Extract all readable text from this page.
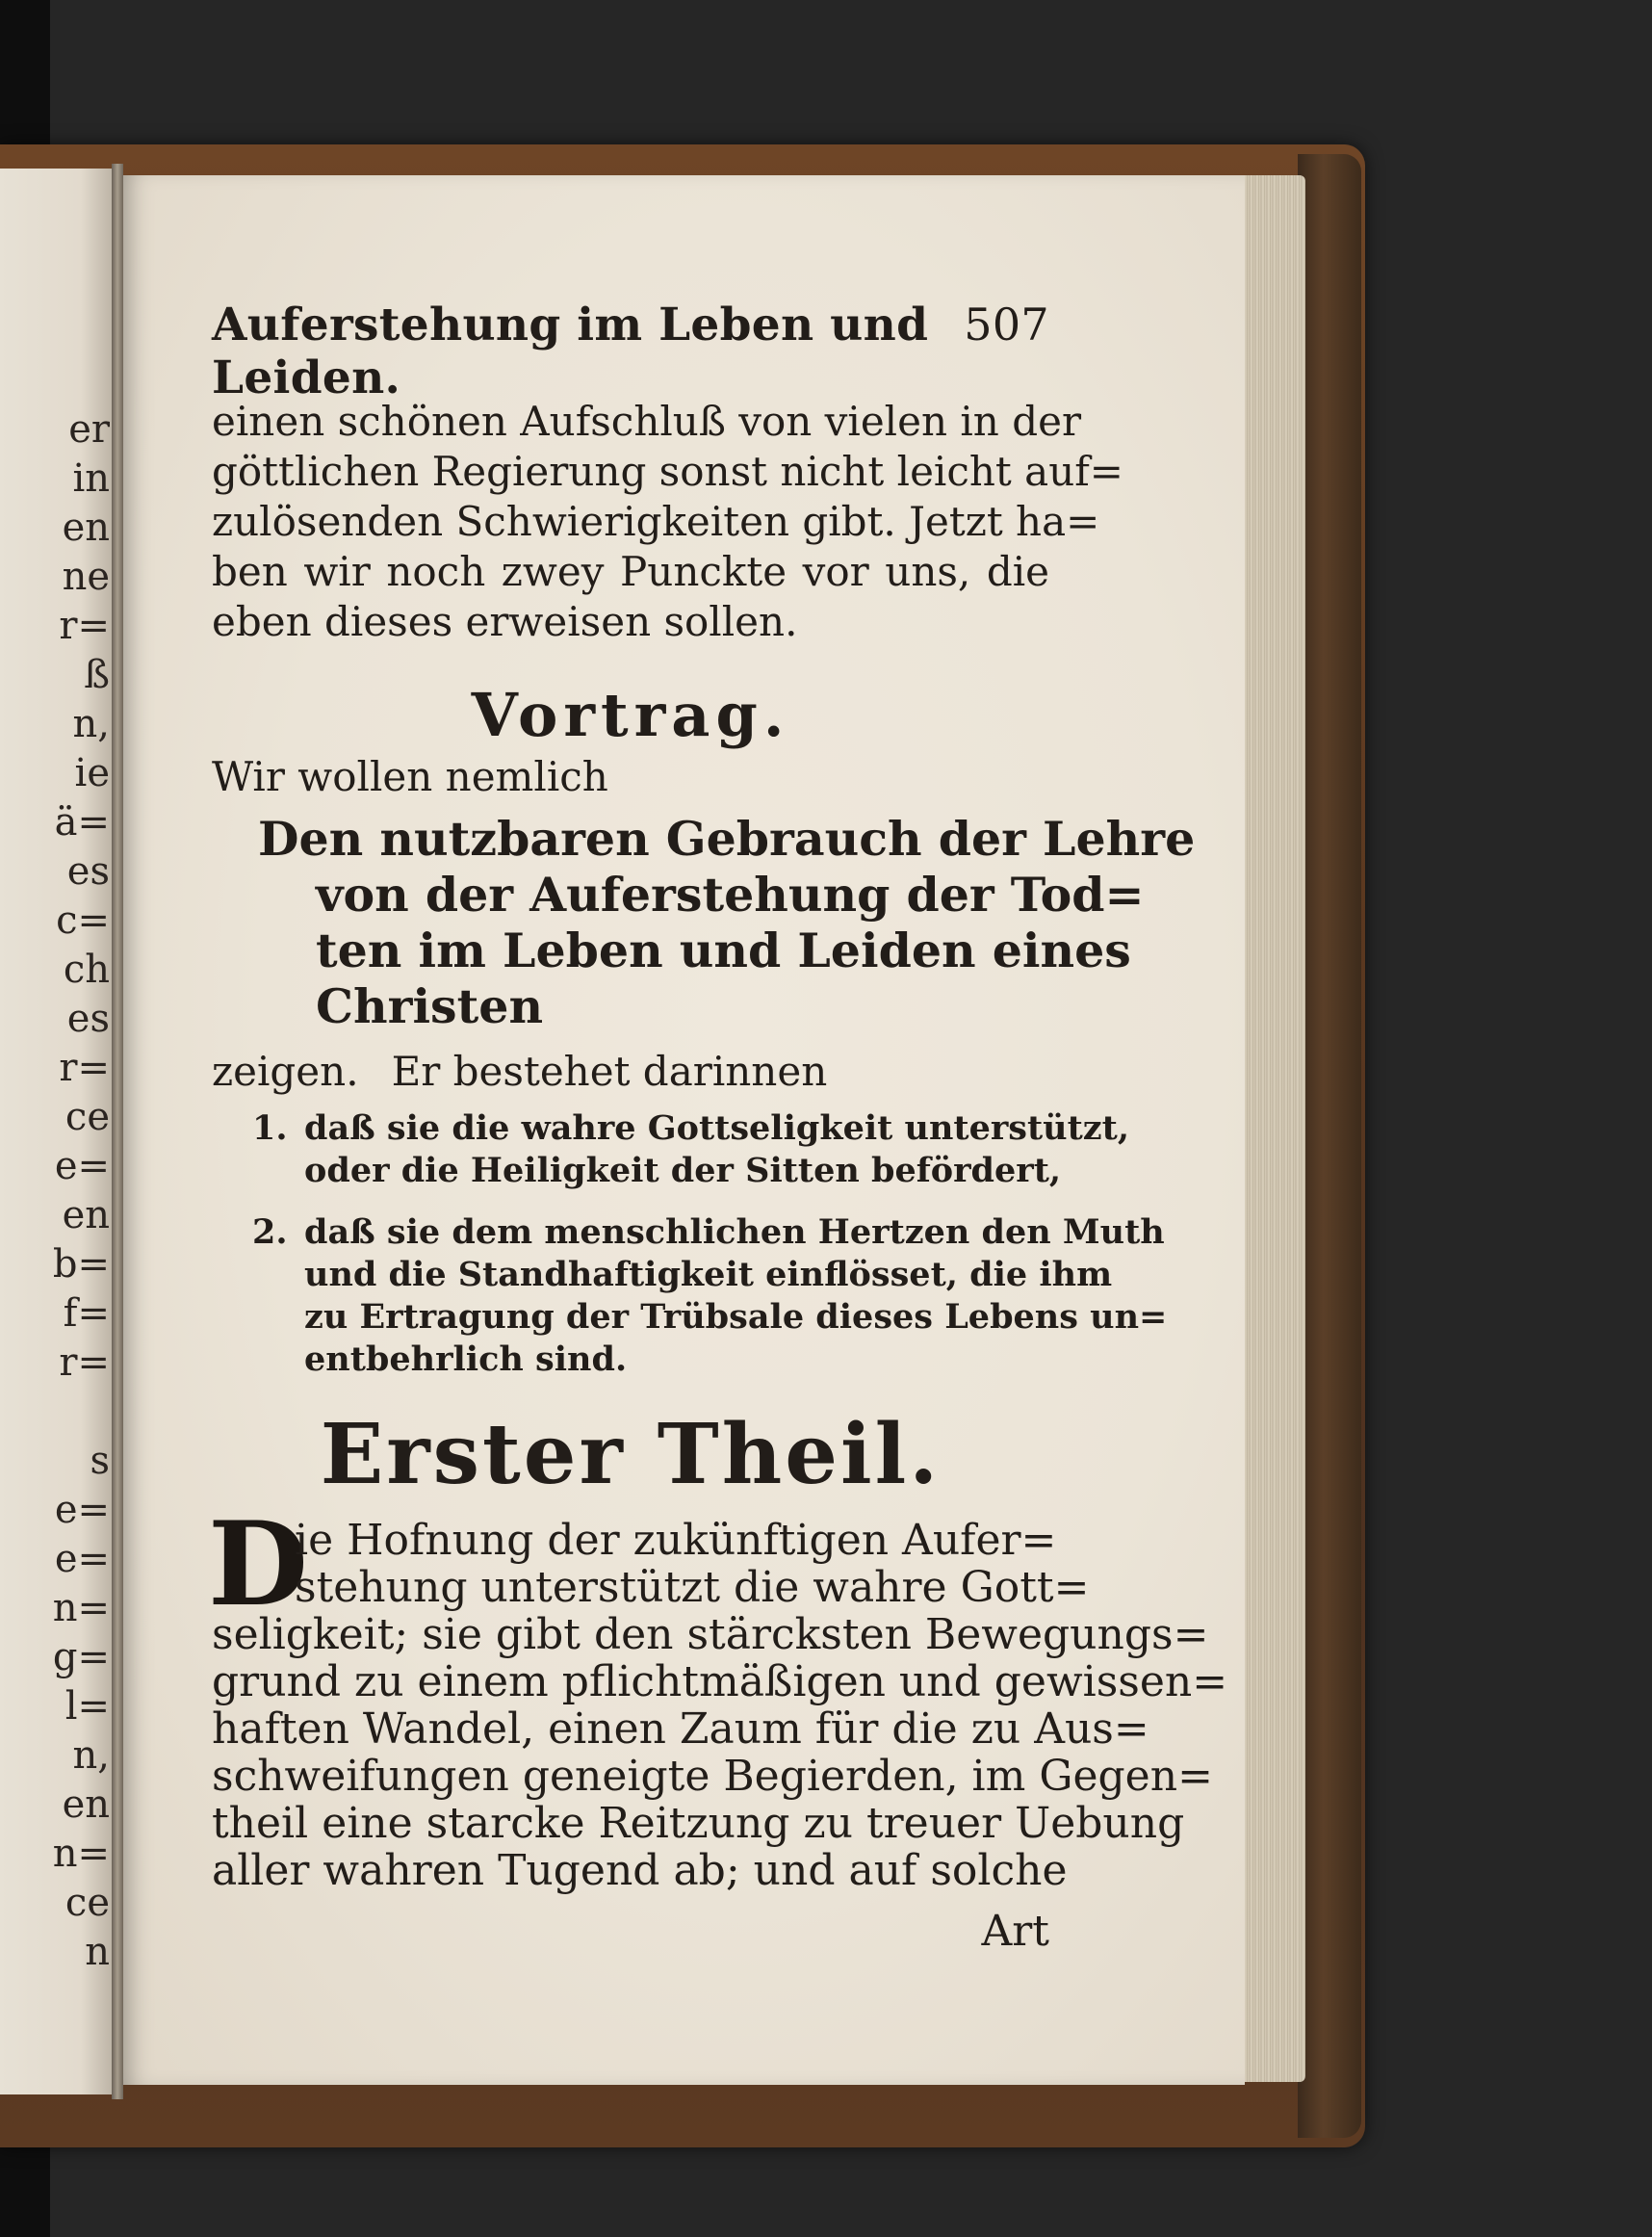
er
in
en
ne
r=
ß
n,
ie
ä=
es
c=
ch
es
r=
ce
e=
en
b=
f=
r=

s
e=
e=
n=
g=
l=
n,
en
n=
ce
n
Auferstehung im Leben und Leiden.
507
einen schönen Aufschluß von vielen in der
göttlichen Regierung sonst nicht leicht auf=
zulösenden Schwierigkeiten gibt. Jetzt ha=
ben wir noch zwey Punckte vor uns, die
eben dieses erweisen sollen.
Vortrag.
Wir wollen nemlich
Den nutzbaren Gebrauch der Lehre
von der Auferstehung der Tod=
ten im Leben und Leiden eines
Christen
zeigen. Er bestehet darinnen
1. daß sie die wahre Gottseligkeit unterstützt,
oder die Heiligkeit der Sitten befördert,
2. daß sie dem menschlichen Hertzen den Muth
und die Standhaftigkeit einflösset, die ihm
zu Ertragung der Trübsale dieses Lebens un=
entbehrlich sind.
Erster Theil.
D
ie Hofnung der zukünftigen Aufer=
stehung unterstützt die wahre Gott=
seligkeit; sie gibt den stärcksten Bewegungs=
grund zu einem pflichtmäßigen und gewissen=
haften Wandel, einen Zaum für die zu Aus=
schweifungen geneigte Begierden, im Gegen=
theil eine starcke Reitzung zu treuer Uebung
aller wahren Tugend ab; und auf solche
Art
